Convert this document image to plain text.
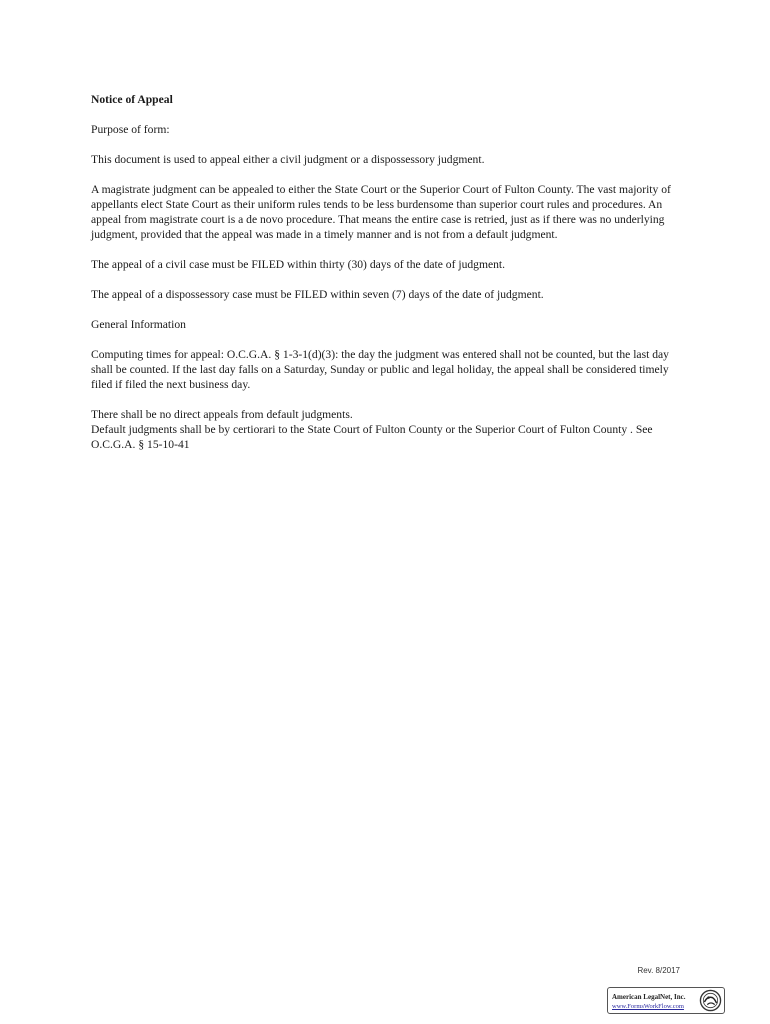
Notice of Appeal

Purpose of form:

This document is used to appeal either a civil judgment or a dispossessory judgment.

A magistrate judgment can be appealed to either the State Court or the Superior Court of Fulton County. The vast majority of appellants elect State Court as their uniform rules tends to be less burdensome than superior court rules and procedures. An appeal from magistrate court is a de novo procedure. That means the entire case is retried, just as if there was no underlying judgment, provided that the appeal was made in a timely manner and is not from a default judgment.

The appeal of a civil case must be FILED within thirty (30) days of the date of judgment.

The appeal of a dispossessory case must be FILED within seven (7) days of the date of judgment.

General Information

Computing times for appeal: O.C.G.A. § 1-3-1(d)(3): the day the judgment was entered shall not be counted, but the last day shall be counted. If the last day falls on a Saturday, Sunday or public and legal holiday, the appeal shall be considered timely filed if filed the next business day.

There shall be no direct appeals from default judgments.

Default judgments shall be by certiorari to the State Court of Fulton County or the Superior Court of Fulton County . See O.C.G.A. § 15-10-41

Rev. 8/2017
American LegalNet, Inc.
www.FormsWorkFlow.com
